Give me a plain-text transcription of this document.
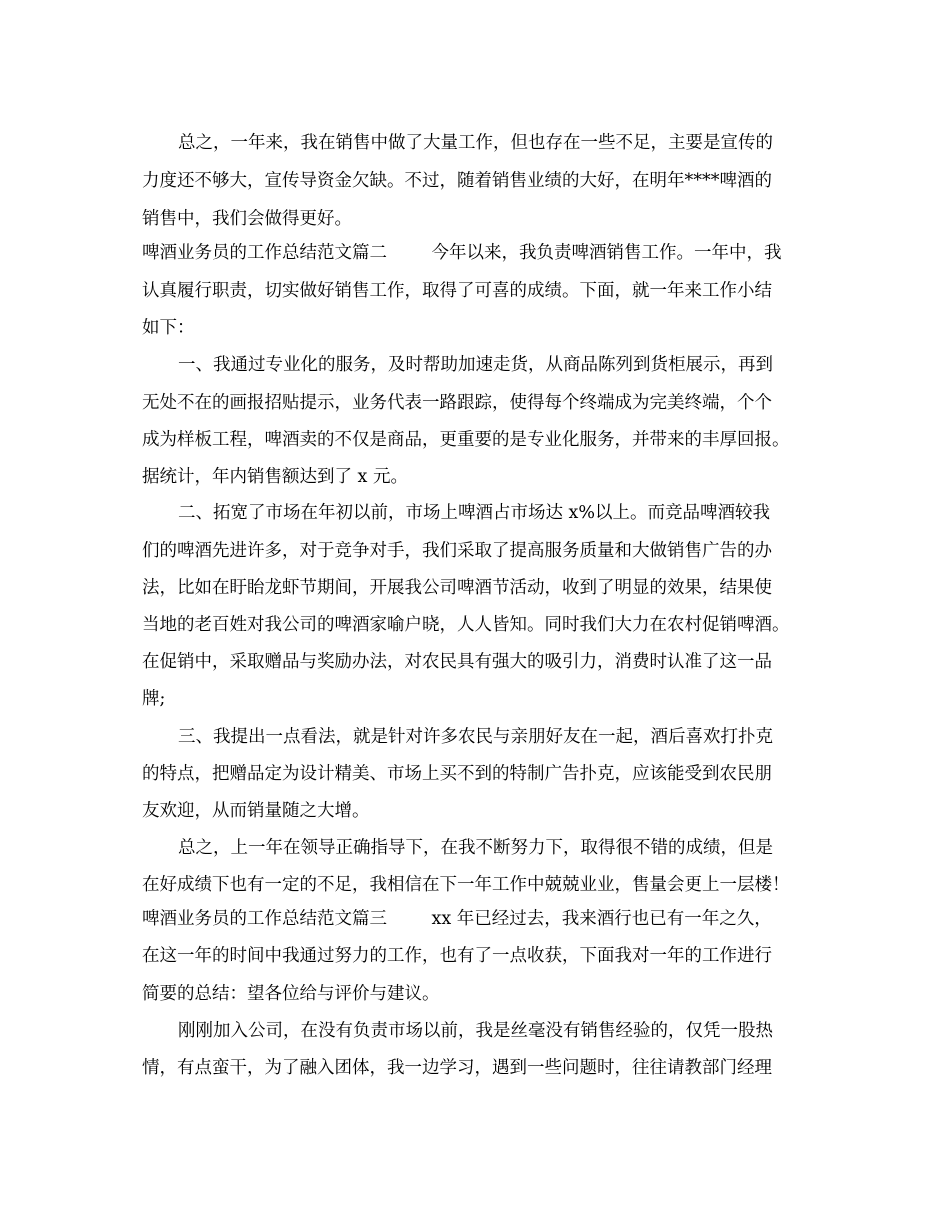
总之，一年来，我在销售中做了大量工作，但也存在一些不足，主要是宣传的
力度还不够大，宣传导资金欠缺。不过，随着销售业绩的大好，在明年****啤酒的
销售中，我们会做得更好。
啤酒业务员的工作总结范文篇二        今年以来，我负责啤酒销售工作。一年中，我
认真履行职责，切实做好销售工作，取得了可喜的成绩。下面，就一年来工作小结
如下：
一、我通过专业化的服务，及时帮助加速走货，从商品陈列到货柜展示，再到
无处不在的画报招贴提示，业务代表一路跟踪，使得每个终端成为完美终端，个个
成为样板工程，啤酒卖的不仅是商品，更重要的是专业化服务，并带来的丰厚回报。
据统计，年内销售额达到了 x 元。
二、拓宽了市场在年初以前，市场上啤酒占市场达 x%以上。而竞品啤酒较我
们的啤酒先进许多，对于竞争对手，我们采取了提高服务质量和大做销售广告的办
法，比如在盱眙龙虾节期间，开展我公司啤酒节活动，收到了明显的效果，结果使
当地的老百姓对我公司的啤酒家喻户晓，人人皆知。同时我们大力在农村促销啤酒。
在促销中，采取赠品与奖励办法，对农民具有强大的吸引力，消费时认准了这一品
牌;
三、我提出一点看法，就是针对许多农民与亲朋好友在一起，酒后喜欢打扑克
的特点，把赠品定为设计精美、市场上买不到的特制广告扑克，应该能受到农民朋
友欢迎，从而销量随之大增。
总之，上一年在领导正确指导下，在我不断努力下，取得很不错的成绩，但是
在好成绩下也有一定的不足，我相信在下一年工作中兢兢业业，售量会更上一层楼！
啤酒业务员的工作总结范文篇三        xx 年已经过去，我来酒行也已有一年之久，
在这一年的时间中我通过努力的工作，也有了一点收获，下面我对一年的工作进行
简要的总结：望各位给与评价与建议。
刚刚加入公司，在没有负责市场以前，我是丝毫没有销售经验的，仅凭一股热
情，有点蛮干，为了融入团体，我一边学习，遇到一些问题时，往往请教部门经理
